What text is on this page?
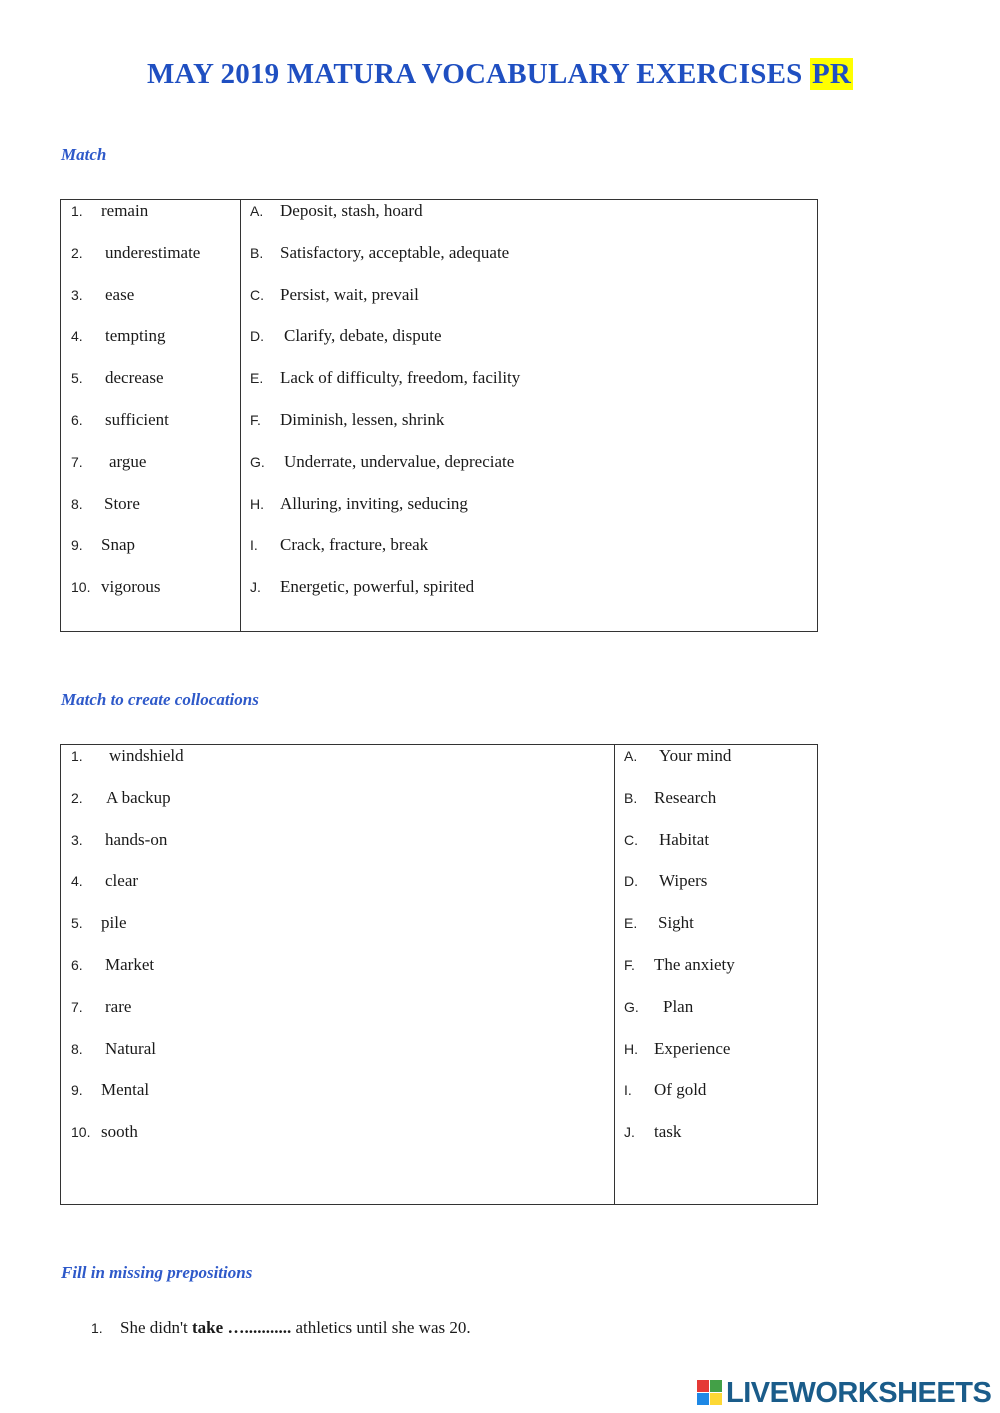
MAY 2019 MATURA VOCABULARY EXERCISES PR
Match
1. remain
2. underestimate
3. ease
4. tempting
5. decrease
6. sufficient
7. argue
8. Store
9. Snap
10. vigorous
A. Deposit, stash, hoard
B. Satisfactory, acceptable, adequate
C. Persist, wait, prevail
D. Clarify, debate, dispute
E. Lack of difficulty, freedom, facility
F. Diminish, lessen, shrink
G. Underrate, undervalue, depreciate
H. Alluring, inviting, seducing
I. Crack, fracture, break
J. Energetic, powerful, spirited
Match to create collocations
1. windshield
2. A backup
3. hands-on
4. clear
5. pile
6. Market
7. rare
8. Natural
9. Mental
10. sooth
A. Your mind
B. Research
C. Habitat
D. Wipers
E. Sight
F. The anxiety
G. Plan
H. Experience
I. Of gold
J. task
Fill in missing prepositions
1. She didn't take …........... athletics until she was 20.
LIVEWORKSHEETS
